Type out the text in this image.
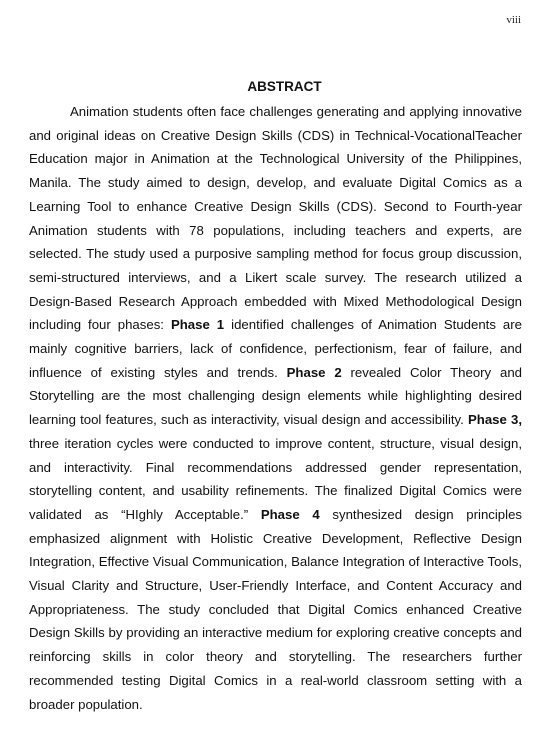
viii
ABSTRACT

Animation students often face challenges generating and applying innovative and original ideas on Creative Design Skills (CDS) in Technical-VocationalTeacher Education major in Animation at the Technological University of the Philippines, Manila. The study aimed to design, develop, and evaluate Digital Comics as a Learning Tool to enhance Creative Design Skills (CDS). Second to Fourth-year Animation students with 78 populations, including teachers and experts, are selected. The study used a purposive sampling method for focus group discussion, semi-structured interviews, and a Likert scale survey. The research utilized a Design-Based Research Approach embedded with Mixed Methodological Design including four phases: Phase 1 identified challenges of Animation Students are mainly cognitive barriers, lack of confidence, perfectionism, fear of failure, and influence of existing styles and trends. Phase 2 revealed Color Theory and Storytelling are the most challenging design elements while highlighting desired learning tool features, such as interactivity, visual design and accessibility. Phase 3, three iteration cycles were conducted to improve content, structure, visual design, and interactivity. Final recommendations addressed gender representation, storytelling content, and usability refinements. The finalized Digital Comics were validated as “HIghly Acceptable.” Phase 4 synthesized design principles emphasized alignment with Holistic Creative Development, Reflective Design Integration, Effective Visual Communication, Balance Integration of Interactive Tools, Visual Clarity and Structure, User-Friendly Interface, and Content Accuracy and Appropriateness. The study concluded that Digital Comics enhanced Creative Design Skills by providing an interactive medium for exploring creative concepts and reinforcing skills in color theory and storytelling. The researchers further recommended testing Digital Comics in a real-world classroom setting with a broader population.
